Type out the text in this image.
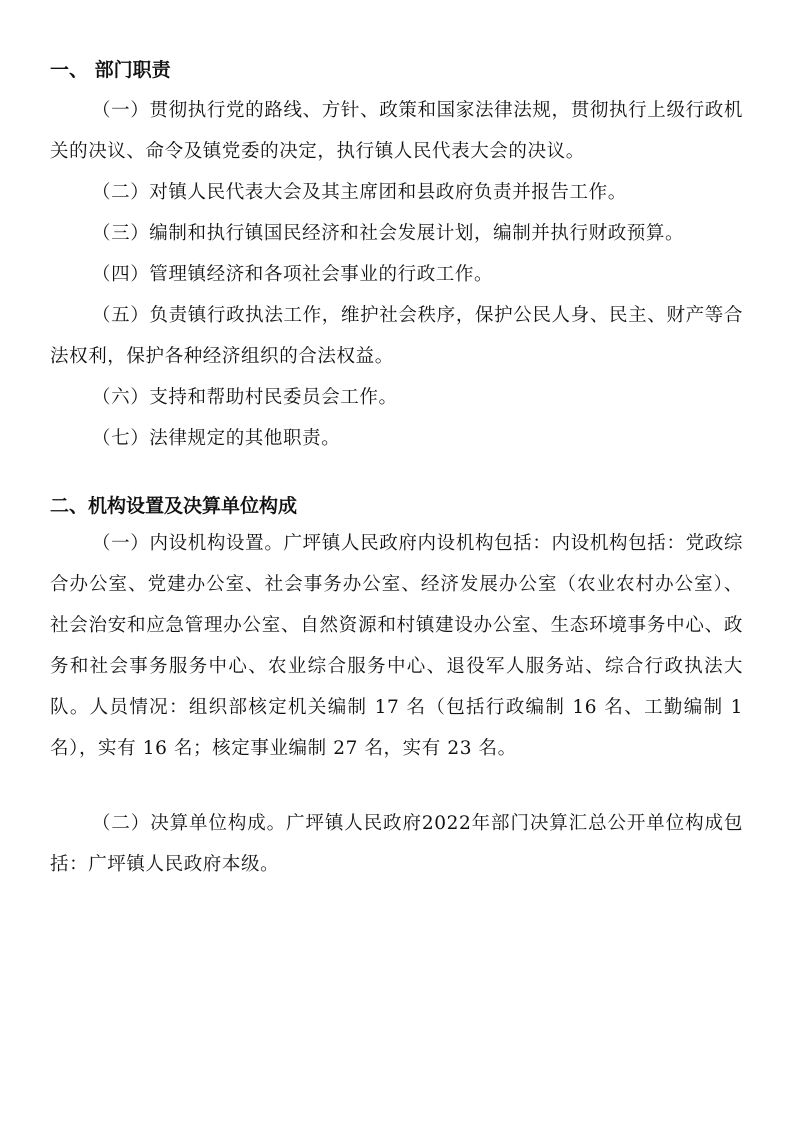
一、 部门职责

（一）贯彻执行党的路线、方针、政策和国家法律法规，贯彻执行上级行政机关的决议、命令及镇党委的决定，执行镇人民代表大会的决议。

（二）对镇人民代表大会及其主席团和县政府负责并报告工作。

（三）编制和执行镇国民经济和社会发展计划，编制并执行财政预算。

（四）管理镇经济和各项社会事业的行政工作。

（五）负责镇行政执法工作，维护社会秩序，保护公民人身、民主、财产等合法权利，保护各种经济组织的合法权益。

（六）支持和帮助村民委员会工作。

（七）法律规定的其他职责。

二、机构设置及决算单位构成

（一）内设机构设置。广坪镇人民政府内设机构包括：内设机构包括：党政综合办公室、党建办公室、社会事务办公室、经济发展办公室（农业农村办公室）、社会治安和应急管理办公室、自然资源和村镇建设办公室、生态环境事务中心、政务和社会事务服务中心、农业综合服务中心、退役军人服务站、综合行政执法大队。人员情况：组织部核定机关编制 17 名（包括行政编制 16 名、工勤编制 1 名），实有 16 名；核定事业编制 27 名，实有 23 名。

（二）决算单位构成。广坪镇人民政府2022年部门决算汇总公开单位构成包括：广坪镇人民政府本级。
